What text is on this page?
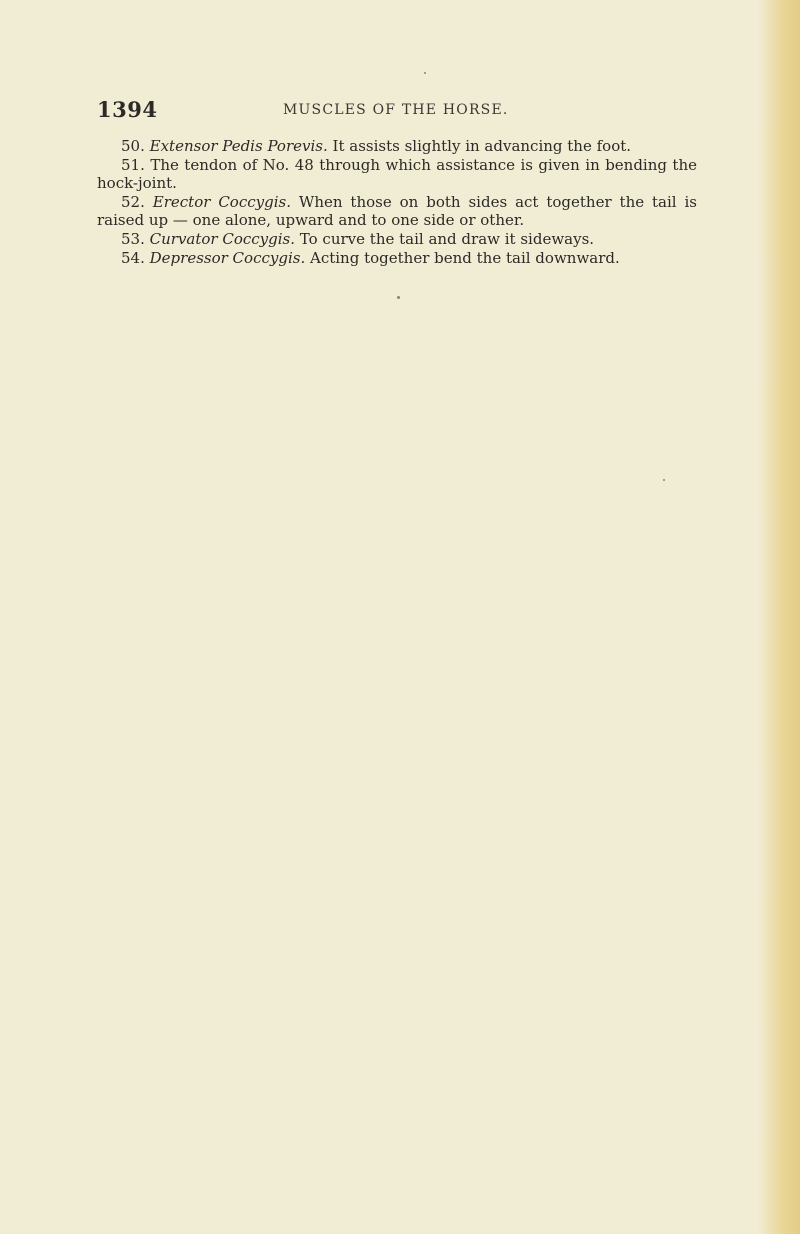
1394	MUSCLES OF THE HORSE.

50. Extensor Pedis Porevis. It assists slightly in advancing the foot.

51. The tendon of No. 48 through which assistance is given in bending the hock-joint.

52. Erector Coccygis. When those on both sides act together the tail is raised up — one alone, upward and to one side or other.

53. Curvator Coccygis. To curve the tail and draw it sideways.

54. Depressor Coccygis. Acting together bend the tail downward.
